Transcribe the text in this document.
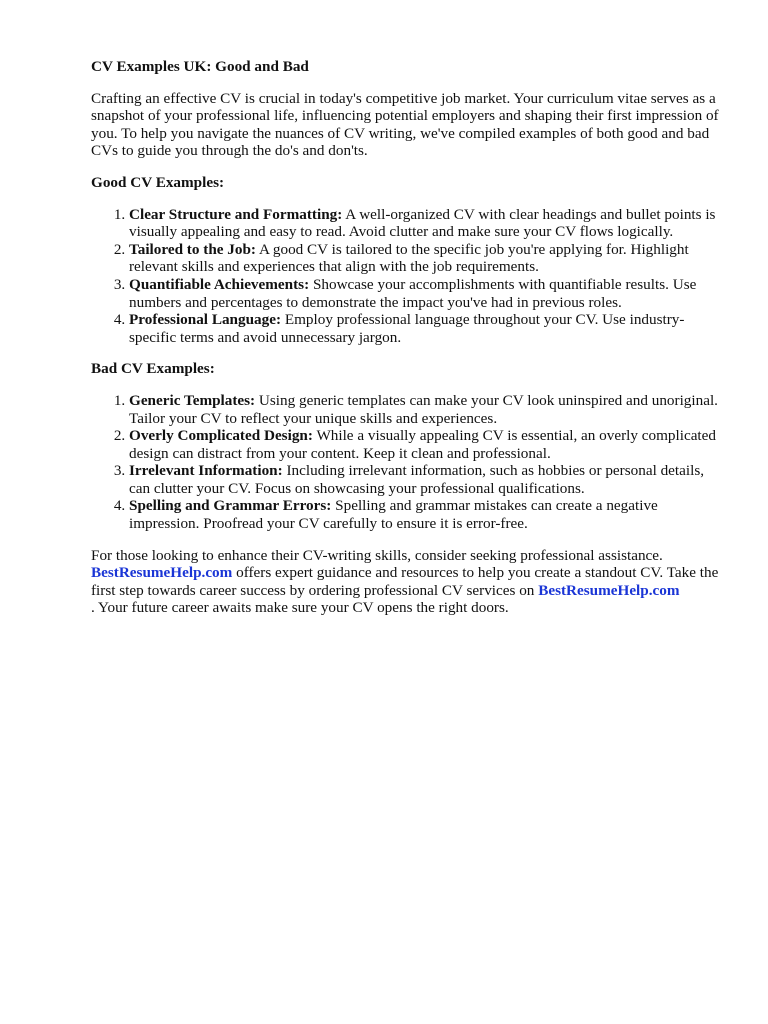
CV Examples UK: Good and Bad

Crafting an effective CV is crucial in today's competitive job market. Your curriculum vitae serves as a snapshot of your professional life, influencing potential employers and shaping their first impression of you. To help you navigate the nuances of CV writing, we've compiled examples of both good and bad CVs to guide you through the do's and don'ts.

Good CV Examples:
1. Clear Structure and Formatting: A well-organized CV with clear headings and bullet points is visually appealing and easy to read. Avoid clutter and make sure your CV flows logically.
2. Tailored to the Job: A good CV is tailored to the specific job you're applying for. Highlight relevant skills and experiences that align with the job requirements.
3. Quantifiable Achievements: Showcase your accomplishments with quantifiable results. Use numbers and percentages to demonstrate the impact you've had in previous roles.
4. Professional Language: Employ professional language throughout your CV. Use industry-specific terms and avoid unnecessary jargon.
Bad CV Examples:
1. Generic Templates: Using generic templates can make your CV look uninspired and unoriginal. Tailor your CV to reflect your unique skills and experiences.
2. Overly Complicated Design: While a visually appealing CV is essential, an overly complicated design can distract from your content. Keep it clean and professional.
3. Irrelevant Information: Including irrelevant information, such as hobbies or personal details, can clutter your CV. Focus on showcasing your professional qualifications.
4. Spelling and Grammar Errors: Spelling and grammar mistakes can create a negative impression. Proofread your CV carefully to ensure it is error-free.

For those looking to enhance their CV-writing skills, consider seeking professional assistance. BestResumeHelp.com offers expert guidance and resources to help you create a standout CV. Take the first step towards career success by ordering professional CV services on BestResumeHelp.com
. Your future career awaits make sure your CV opens the right doors.
